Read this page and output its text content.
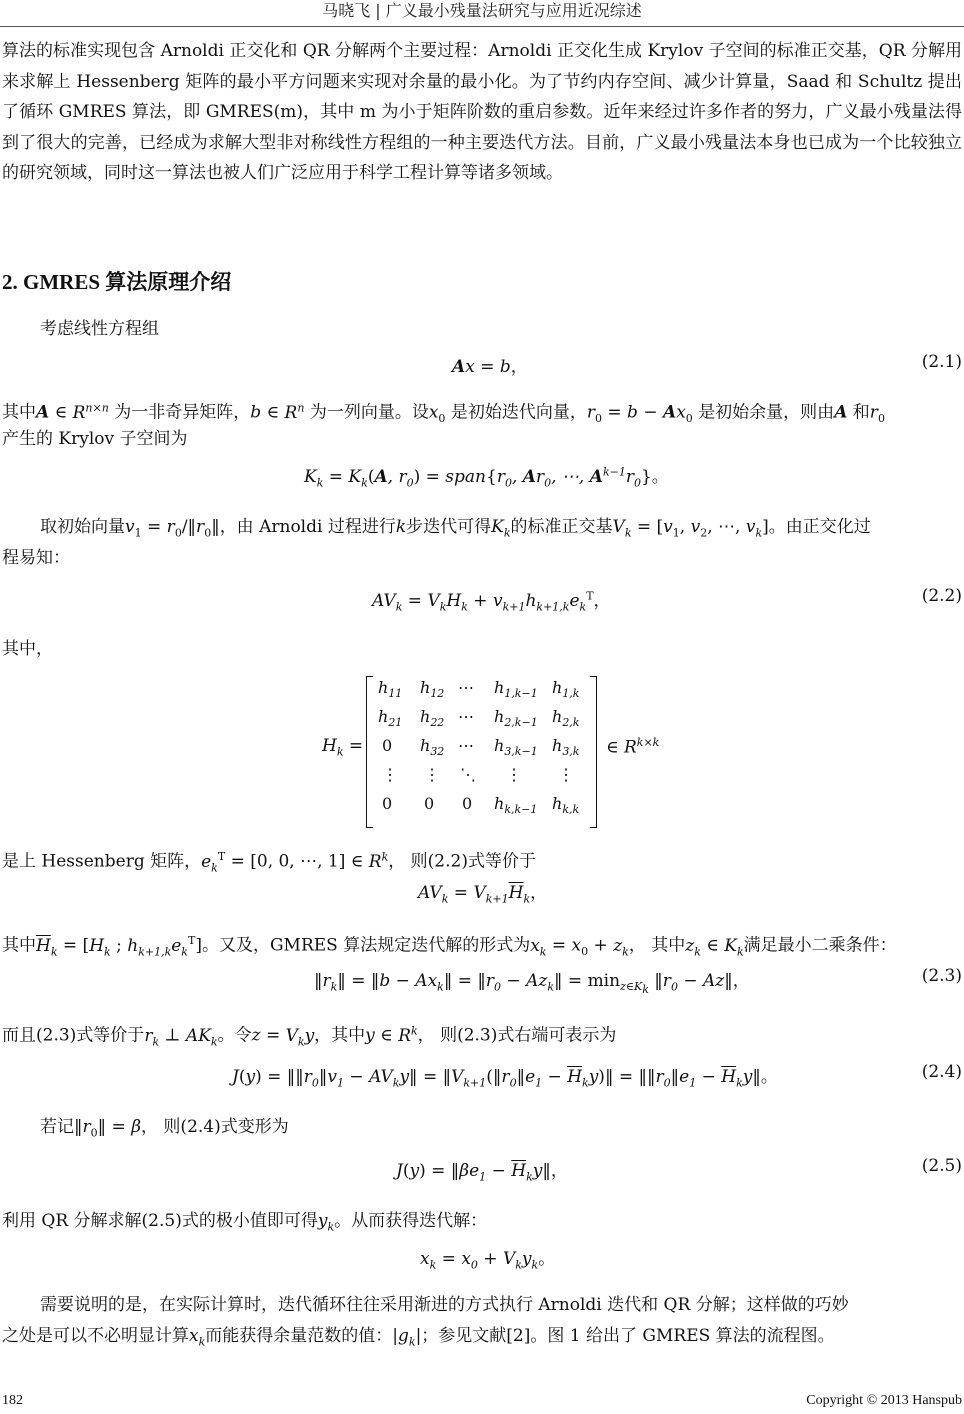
马晓飞 | 广义最小残量法研究与应用近况综述

算法的标准实现包含 Arnoldi 正交化和 QR 分解两个主要过程：Arnoldi 正交化生成 Krylov 子空间的标准正交基，QR 分解用来求解上 Hessenberg 矩阵的最小平方问题来实现对余量的最小化。为了节约内存空间、减少计算量，Saad 和 Schultz 提出了循环 GMRES 算法，即 GMRES(m)，其中 m 为小于矩阵阶数的重启参数。近年来经过许多作者的努力，广义最小残量法得到了很大的完善，已经成为求解大型非对称线性方程组的一种主要迭代方法。目前，广义最小残量法本身也已成为一个比较独立的研究领域，同时这一算法也被人们广泛应用于科学工程计算等诸多领域。

2. GMRES 算法原理介绍
考虑线性方程组
Ax = b，	(2.1)
其中A ∈ $R^{n\times n}$ 为一非奇异矩阵，b ∈ $R^n$ 为一列向量。设$x_0$ 是初始迭代向量，$r_0 = b - Ax_0$ 是初始余量，则由A 和$r_0$
产生的 Krylov 子空间为
$K_k = K_k(A$, $r_0$) = $span\{r_0$, $Ar_0$, ⋯, $A^{k-1}r_0$}。
取初始向量$v_1$ = $r_0/‖r_0‖$，由 Arnoldi 过程进行k步迭代可得$K_k$的标准正交基$V_k = [v_1$, $v_2$, ⋯, $v_k$]。由正交化过
程易知：
$AV_k = V_kH_k + v_{k+1}h_{k+1,k}e_k^T$，	(2.2)
其中，
$H_k$ =
$h_{11}$ $h_{12}$ ⋯ $h_{1,k-1}$ $h_{1,k}$
$h_{21}$ $h_{22}$ ⋯ $h_{2,k-1}$ $h_{2,k}$
0 $h_{32}$ ⋯ $h_{3,k-1}$ $h_{3,k}$
⋮ ⋮ ⋱ ⋮ ⋮
0 0 0 $h_{k,k-1}$ $h_{k,k}$
∈ $R^{k\times k}$
是上 Hessenberg 矩阵，$e_k^T = [0$, 0, ⋯, 1] ∈ $R^k$， 则(2.2)式等价于
$AV_k = V_{k+1}\overline{H}_k$，
其中$\overline{H}_k = [H_k$ ; $h_{k+1,k}e_k^T$]。又及，GMRES 算法规定迭代解的形式为$x_k = x_0 + z_k$， 其中$z_k$ ∈ $K_k$满足最小二乘条件：
$‖r_k‖$ = ‖b − $Ax_k‖$ = $‖r_0$ − $Az_k‖ = \min_{z\in K_k}$ $‖r_0$ − Az‖，	(2.3)
而且(2.3)式等价于$r_k$ ⊥ $AK_k$。令$z = V_ky$，其中y ∈ $R^k$， 则(2.3)式右端可表示为
$J(y) = ‖‖r_0‖v_1$ − $AV_ky‖$ = $‖V_{k+1}(‖r_0‖e_1$ − $\overline{H}_ky)‖$ = $‖‖r_0‖e_1$ − $\overline{H}_ky‖$。	(2.4)
若记$‖r_0‖ = \beta$， 则(2.4)式变形为
$J(y) = ‖\beta e_1$ − $\overline{H}_ky‖$，	(2.5)
利用 QR 分解求解(2.5)式的极小值即可得$y_k$。从而获得迭代解：
$x_k = x_0 + V_ky_k$。
需要说明的是，在实际计算时，迭代循环往往采用渐进的方式执行 Arnoldi 迭代和 QR 分解；这样做的巧妙
之处是可以不必明显计算$x_k$而能获得余量范数的值：$|g_k|$；参见文献[2]。图 1 给出了 GMRES 算法的流程图。
182	Copyright © 2013 Hanspub
